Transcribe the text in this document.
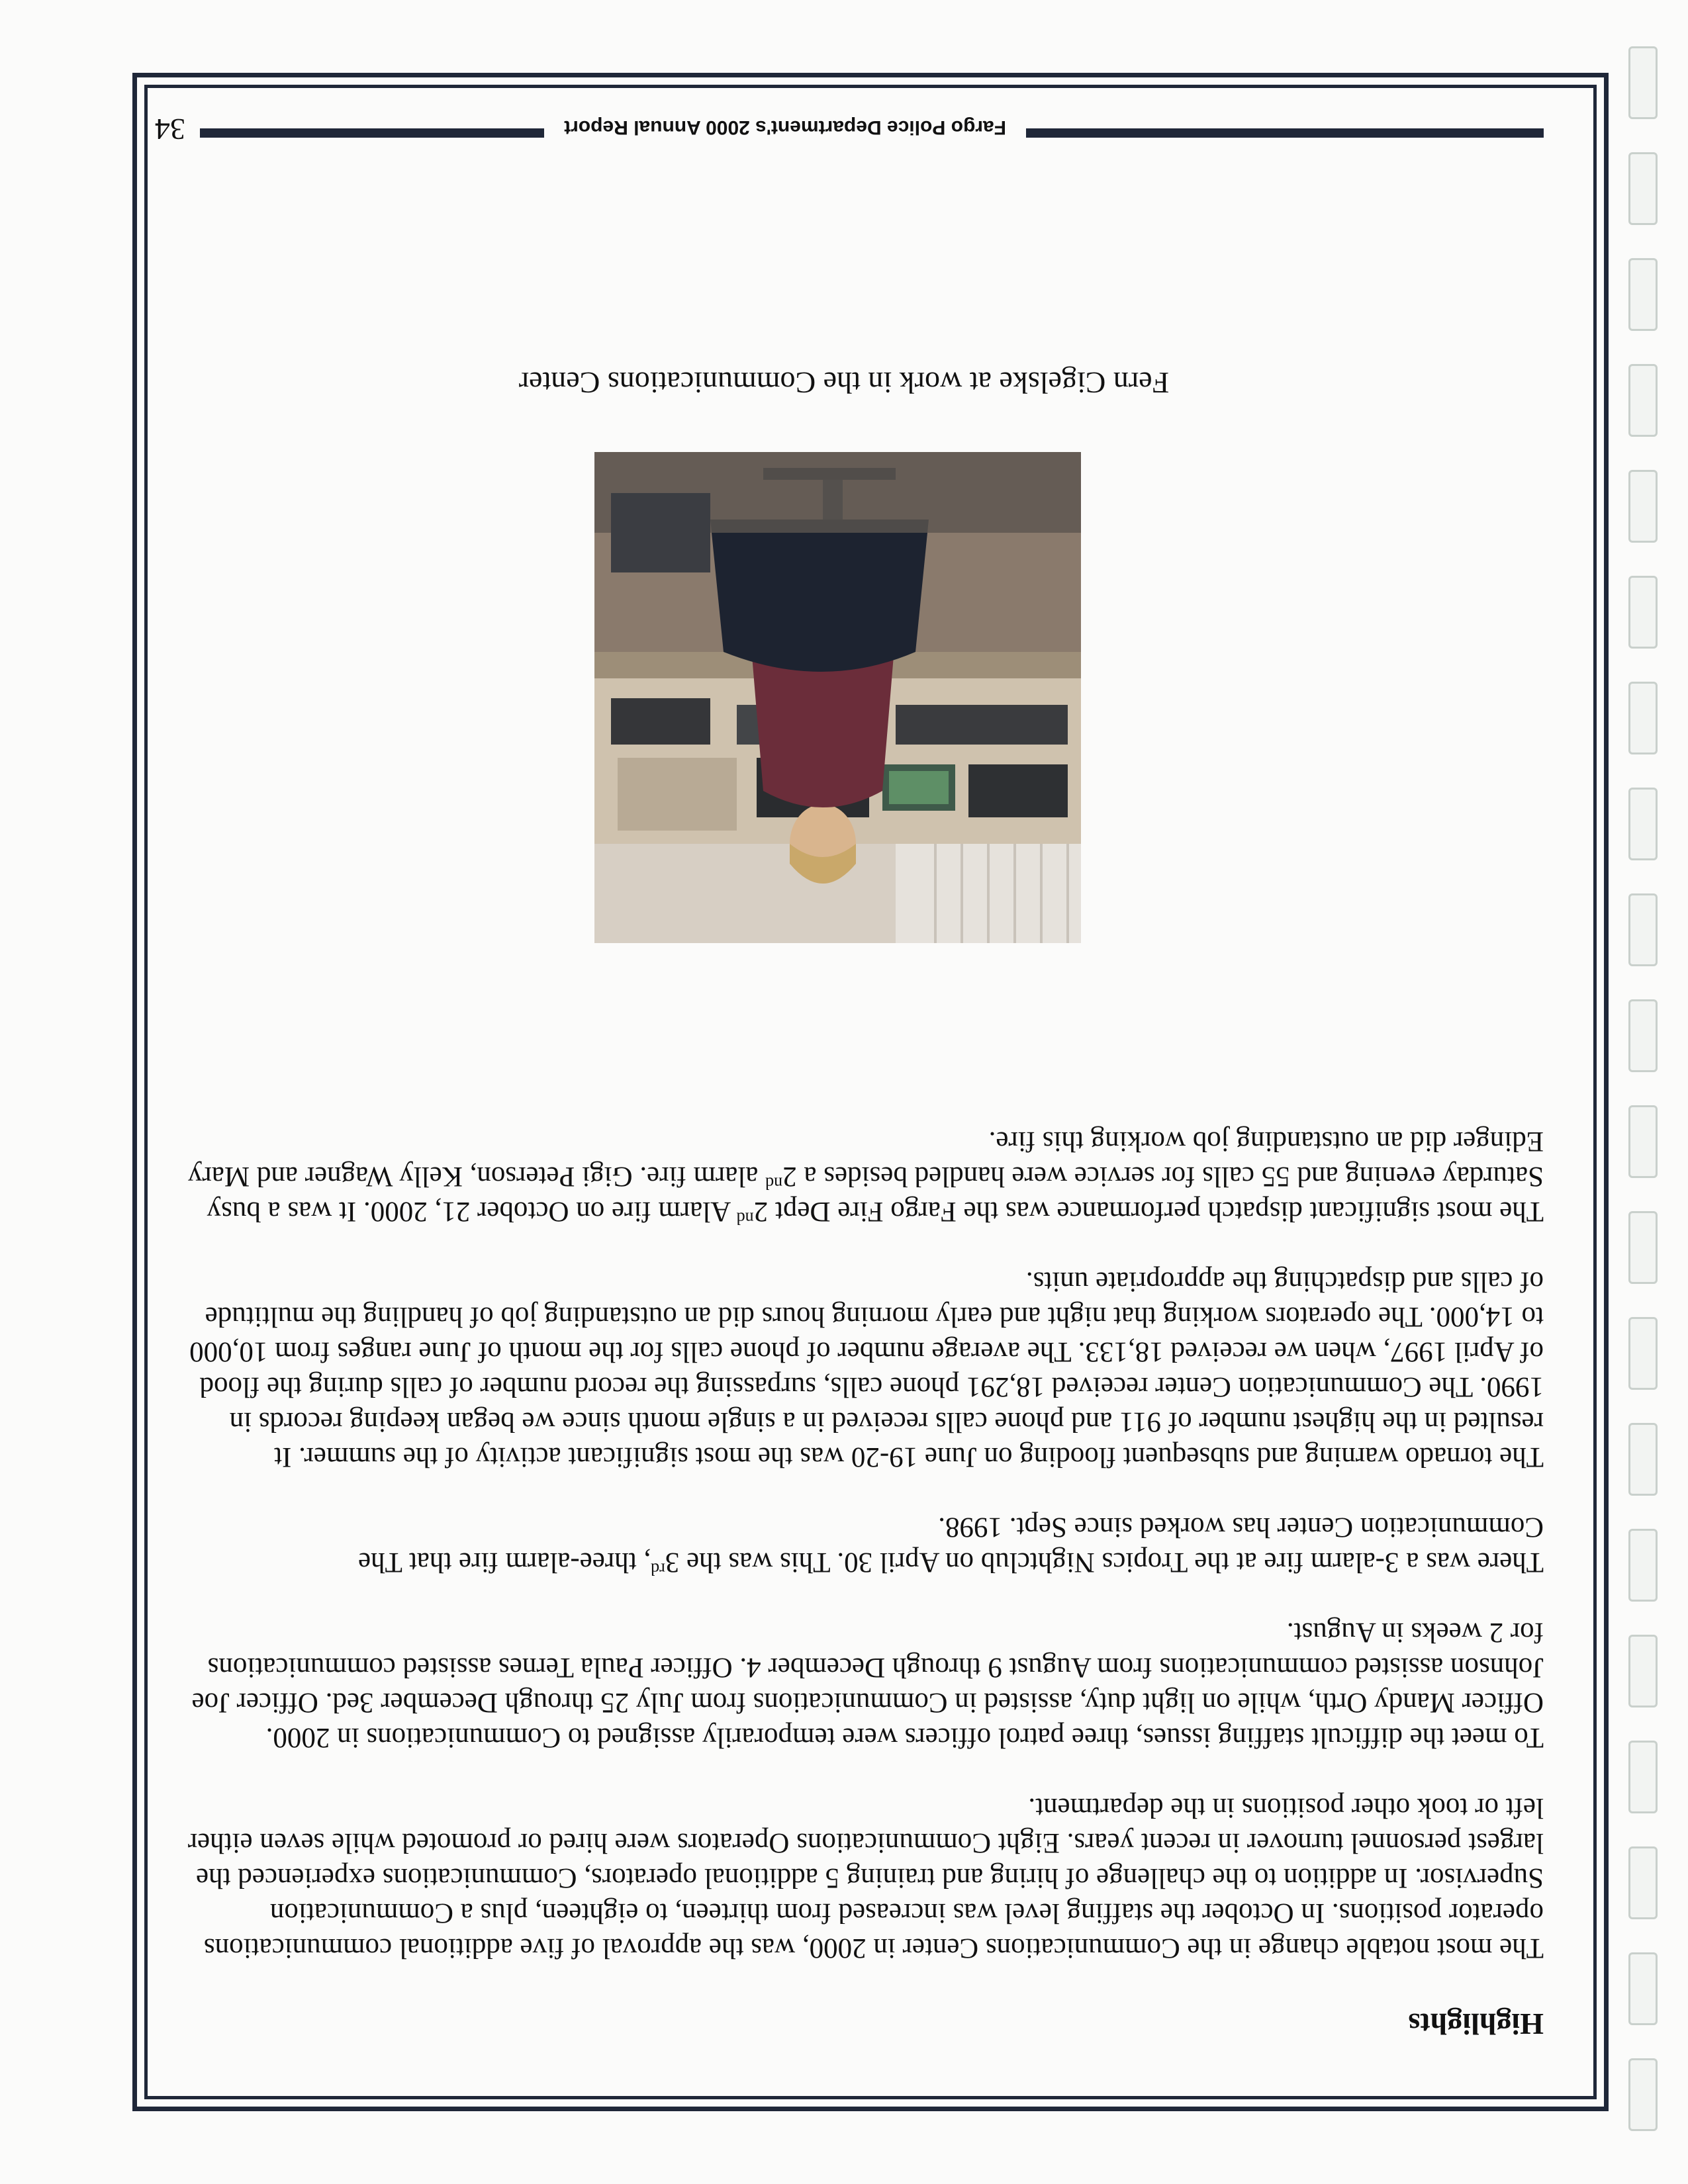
Highlights

The most notable change in the Communications Center in 2000, was the approval of five additional communications operator positions. In October the staffing level was increased from thirteen, to eighteen, plus a Communication Supervisor. In addition to the challenge of hiring and training 5 additional operators, Communications experienced the largest personnel turnover in recent years. Eight Communications Operators were hired or promoted while seven either left or took other positions in the department.

To meet the difficult staffing issues, three patrol officers were temporarily assigned to Communications in 2000. Officer Mandy Orth, while on light duty, assisted in Communications from July 25 through December 3ed. Officer Joe Johnson assisted communications from August 9 through December 4. Officer Paula Ternes assisted communications for 2 weeks in August.

There was a 3-alarm fire at the Tropics Nightclub on April 30. This was the 3rd, three-alarm fire that The Communication Center has worked since Sept. 1998.

The tornado warning and subsequent flooding on June 19-20 was the most significant activity of the summer. It resulted in the highest number of 911 and phone calls received in a single month since we began keeping records in 1990. The Communication Center received 18,291 phone calls, surpassing the record number of calls during the flood of April 1997, when we received 18,133. The average number of phone calls for the month of June ranges from 10,000 to 14,000. The operators working that night and early morning hours did an outstanding job of handling the multitude of calls and dispatching the appropriate units.

The most significant dispatch performance was the Fargo Fire Dept 2nd Alarm fire on October 21, 2000. It was a busy Saturday evening and 55 calls for service were handled besides a 2nd alarm fire. Gigi Peterson, Kelly Wagner and Mary Edinger did an outstanding job working this fire.

Fern Cigelske at work in the Communications Center

Fargo Police Department's 2000 Annual Report
34
